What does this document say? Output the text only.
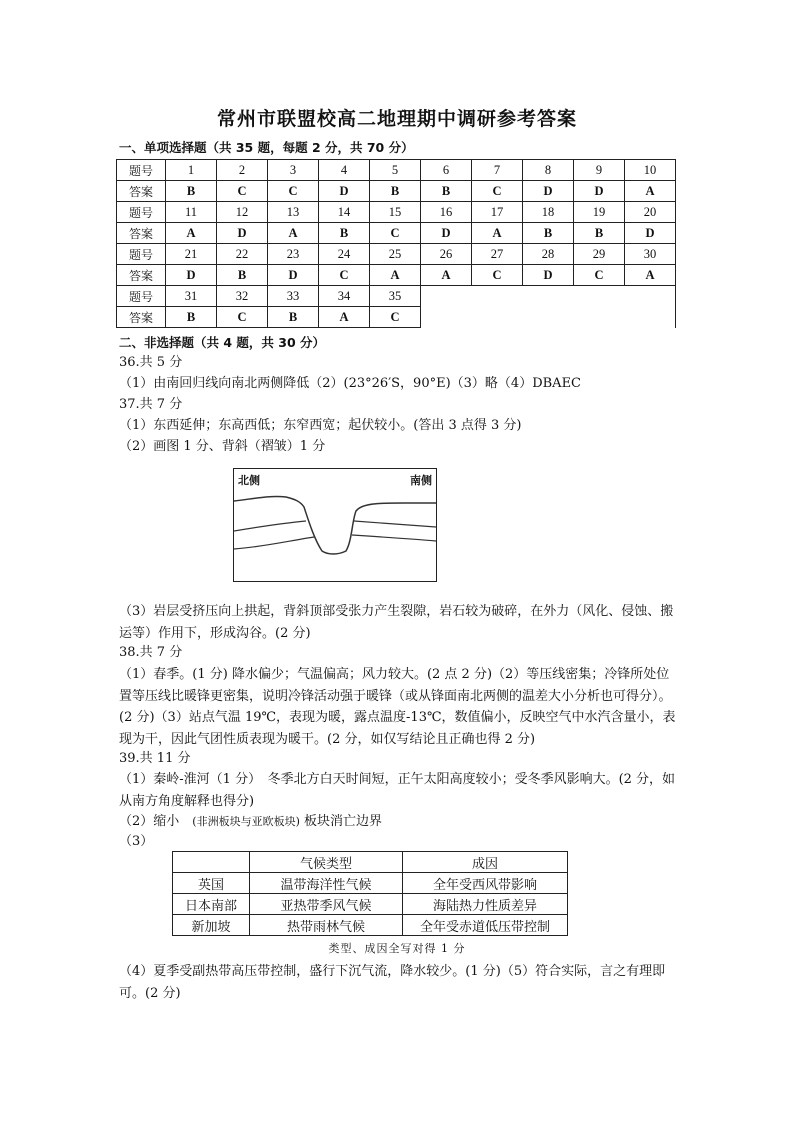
常州市联盟校高二地理期中调研参考答案
一、单项选择题（共 35 题，每题 2 分，共 70 分）
题号	1	2	3	4	5	6	7	8	9	10
答案	B	C	C	D	B	B	C	D	D	A
题号	11	12	13	14	15	16	17	18	19	20
答案	A	D	A	B	C	D	A	B	B	D
题号	21	22	23	24	25	26	27	28	29	30
答案	D	B	D	C	A	A	C	D	C	A
题号	31	32	33	34	35					
答案	B	C	B	A	C					
二、非选择题（共 4 题，共 30 分）
36.共 5 分
（1）由南回归线向南北两侧降低（2）(23°26′S，90°E)（3）略（4）DBAEC
37.共 7 分
（1）东西延伸；东高西低；东窄西宽；起伏较小。(答出 3 点得 3 分)
（2）画图 1 分、背斜（褶皱）1 分
北侧	南侧
（3）岩层受挤压向上拱起，背斜顶部受张力产生裂隙，岩石较为破碎，在外力（风化、侵蚀、搬运等）作用下，形成沟谷。(2 分)
38.共 7 分
（1）春季。(1 分) 降水偏少；气温偏高；风力较大。(2 点 2 分)（2）等压线密集；冷锋所处位置等压线比暖锋更密集，说明冷锋活动强于暖锋（或从锋面南北两侧的温差大小分析也可得分）。(2 分)（3）站点气温 19℃，表现为暖，露点温度-13℃，数值偏小，反映空气中水汽含量小，表现为干，因此气团性质表现为暖干。(2 分，如仅写结论且正确也得 2 分)
39.共 11 分
（1）秦岭-淮河（1 分）　冬季北方白天时间短，正午太阳高度较小；受冬季风影响大。(2 分，如从南方角度解释也得分)
（2）缩小　(非洲板块与亚欧板块) 板块消亡边界
（3）
	气候类型	成因
英国	温带海洋性气候	全年受西风带影响
日本南部	亚热带季风气候	海陆热力性质差异
新加坡	热带雨林气候	全年受赤道低压带控制
类型、成因全写对得 1 分
（4）夏季受副热带高压带控制，盛行下沉气流，降水较少。(1 分)（5）符合实际，言之有理即可。(2 分)
